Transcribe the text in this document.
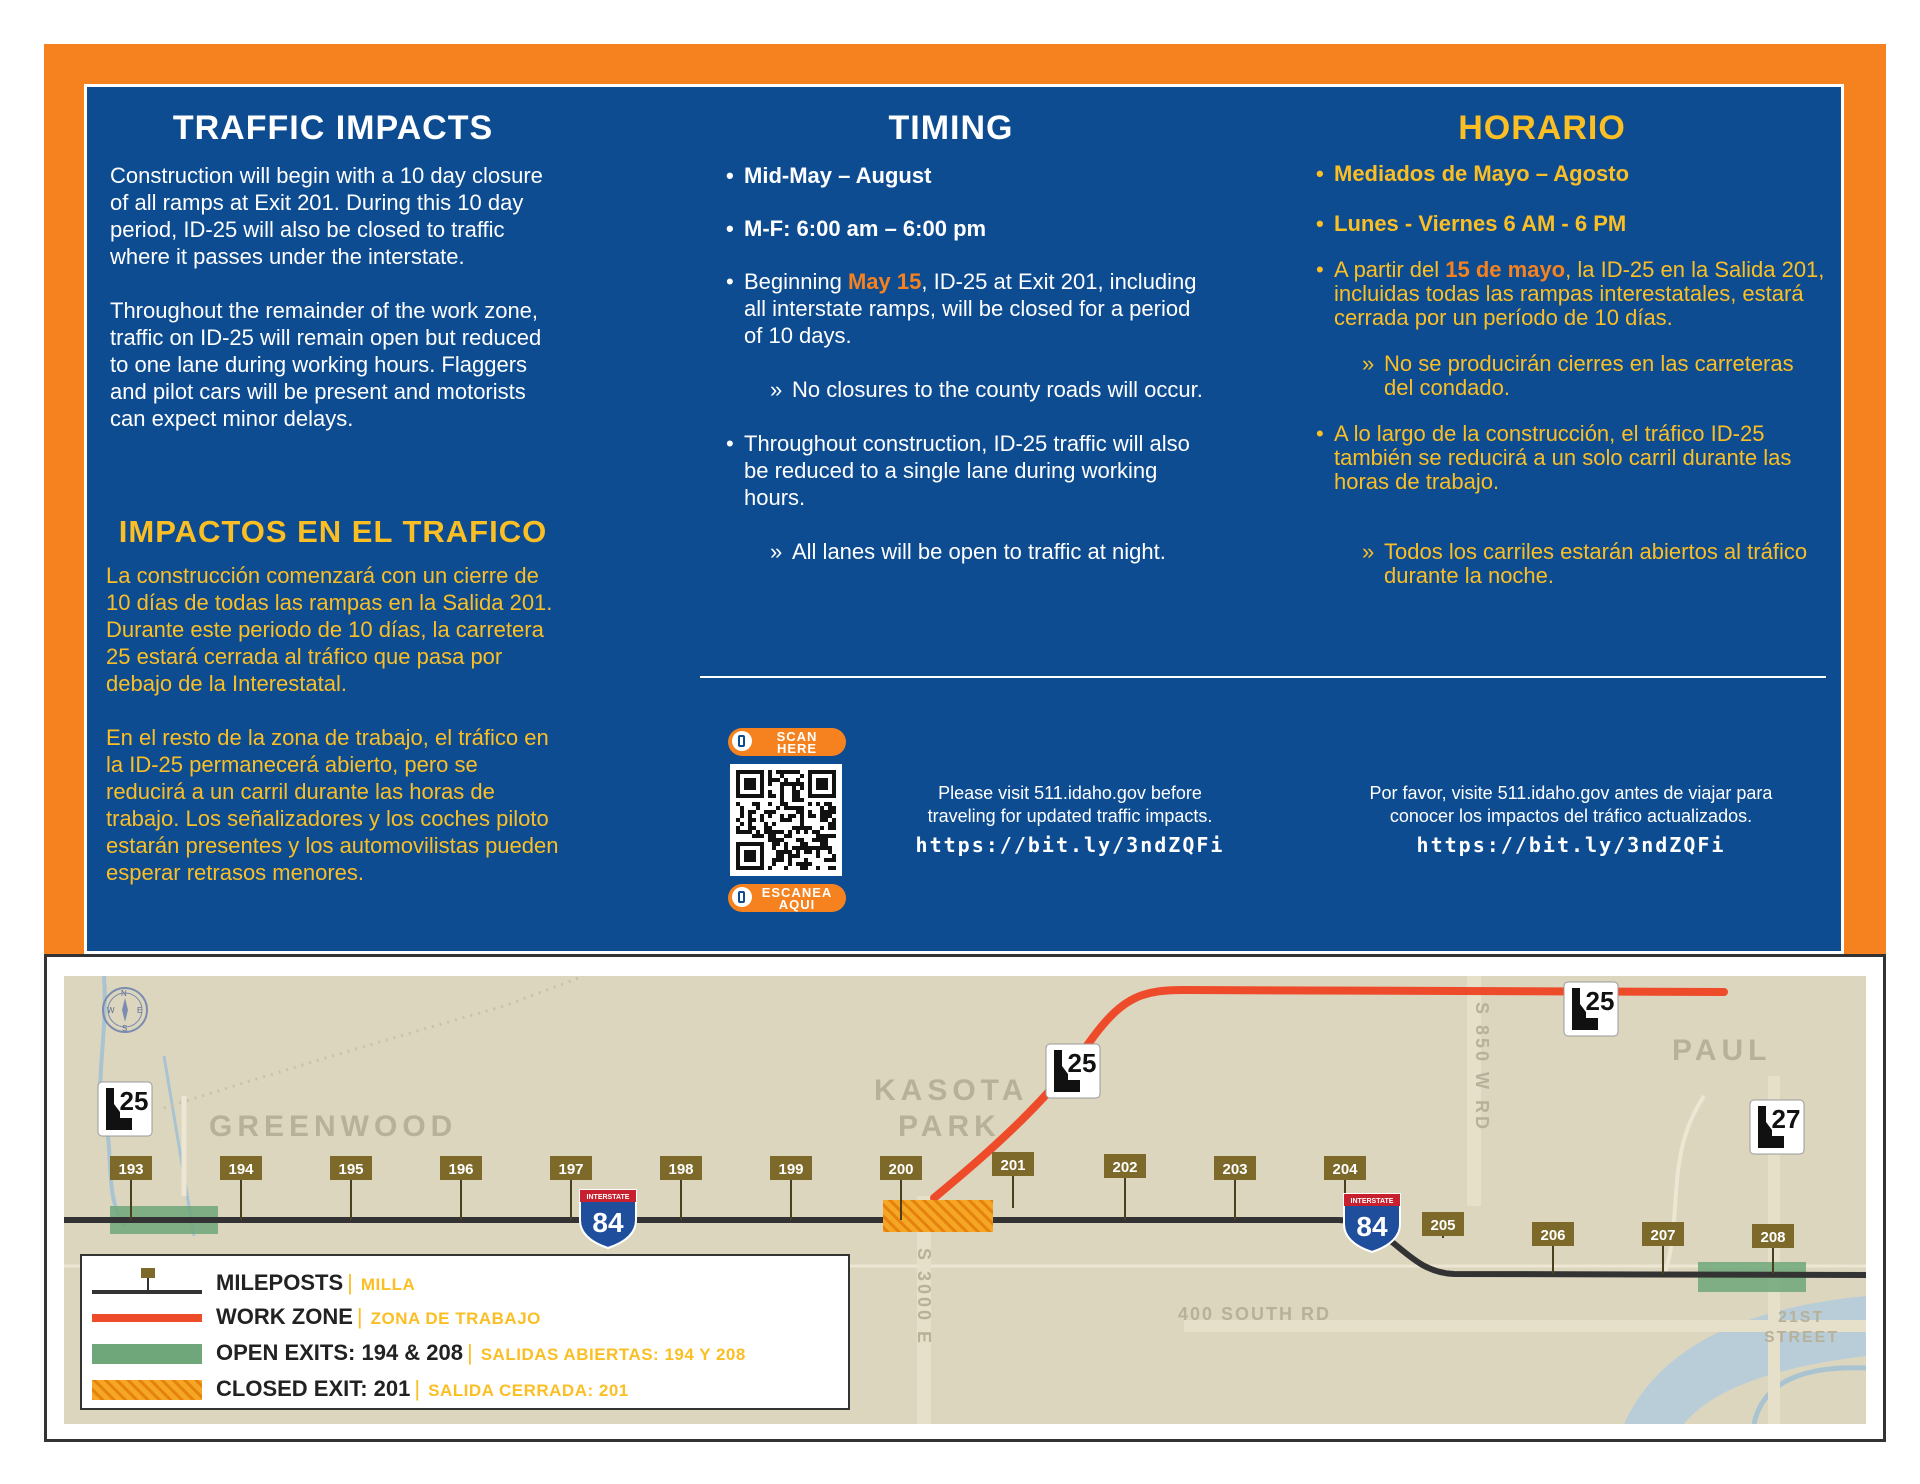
TRAFFIC IMPACTS

Construction will begin with a 10 day closure of all ramps at Exit 201. During this 10 day period, ID-25 will also be closed to traffic where it passes under the interstate.

Throughout the remainder of the work zone, traffic on ID-25 will remain open but reduced to one lane during working hours. Flaggers and pilot cars will be present and motorists can expect minor delays.

IMPACTOS EN EL TRAFICO

La construcción comenzará con un cierre de 10 días de todas las rampas en la Salida 201. Durante este periodo de 10 días, la carretera 25 estará cerrada al tráfico que pasa por debajo de la Interestatal.

En el resto de la zona de trabajo, el tráfico en la ID-25 permanecerá abierto, pero se reducirá a un carril durante las horas de trabajo. Los señalizadores y los coches piloto estarán presentes y los automovilistas pueden esperar retrasos menores.

TIMING
• Mid-May – August
• M-F: 6:00 am – 6:00 pm
• Beginning May 15, ID-25 at Exit 201, including all interstate ramps, will be closed for a period of 10 days.
» No closures to the county roads will occur.
• Throughout construction, ID-25 traffic will also be reduced to a single lane during working hours.
» All lanes will be open to traffic at night.
HORARIO
• Mediados de Mayo – Agosto
• Lunes - Viernes 6 AM - 6 PM
• A partir del 15 de mayo, la ID-25 en la Salida 201, incluidas todas las rampas interestatales, estará cerrada por un período de 10 días.
» No se producirán cierres en las carreteras del condado.
• A lo largo de la construcción, el tráfico ID-25 también se reducirá a un solo carril durante las horas de trabajo.
» Todos los carriles estarán abiertos al tráfico durante la noche.
SCAN
HERE
ESCANEA
AQUI
Please visit 511.idaho.gov before
traveling for updated traffic impacts.
https://bit.ly/3ndZQFi
Por favor, visite 511.idaho.gov antes de viajar para
conocer los impactos del tráfico actualizados.
https://bit.ly/3ndZQFi
GREENWOOD
KASOTA
PARK
PAUL
S 850 W RD
S 3000 E	400 SOUTH RD	21ST
STREET
N
S
E
W
193	194	195	196	197	198	199	200	201	202	203	204
205
206	207	208
25
25
25
27
INTERSTATE
84
INTERSTATE
84
MILEPOSTS | MILLA
WORK ZONE | ZONA DE TRABAJO
OPEN EXITS: 194 & 208 | SALIDAS ABIERTAS: 194 Y 208
CLOSED EXIT: 201 | SALIDA CERRADA: 201
